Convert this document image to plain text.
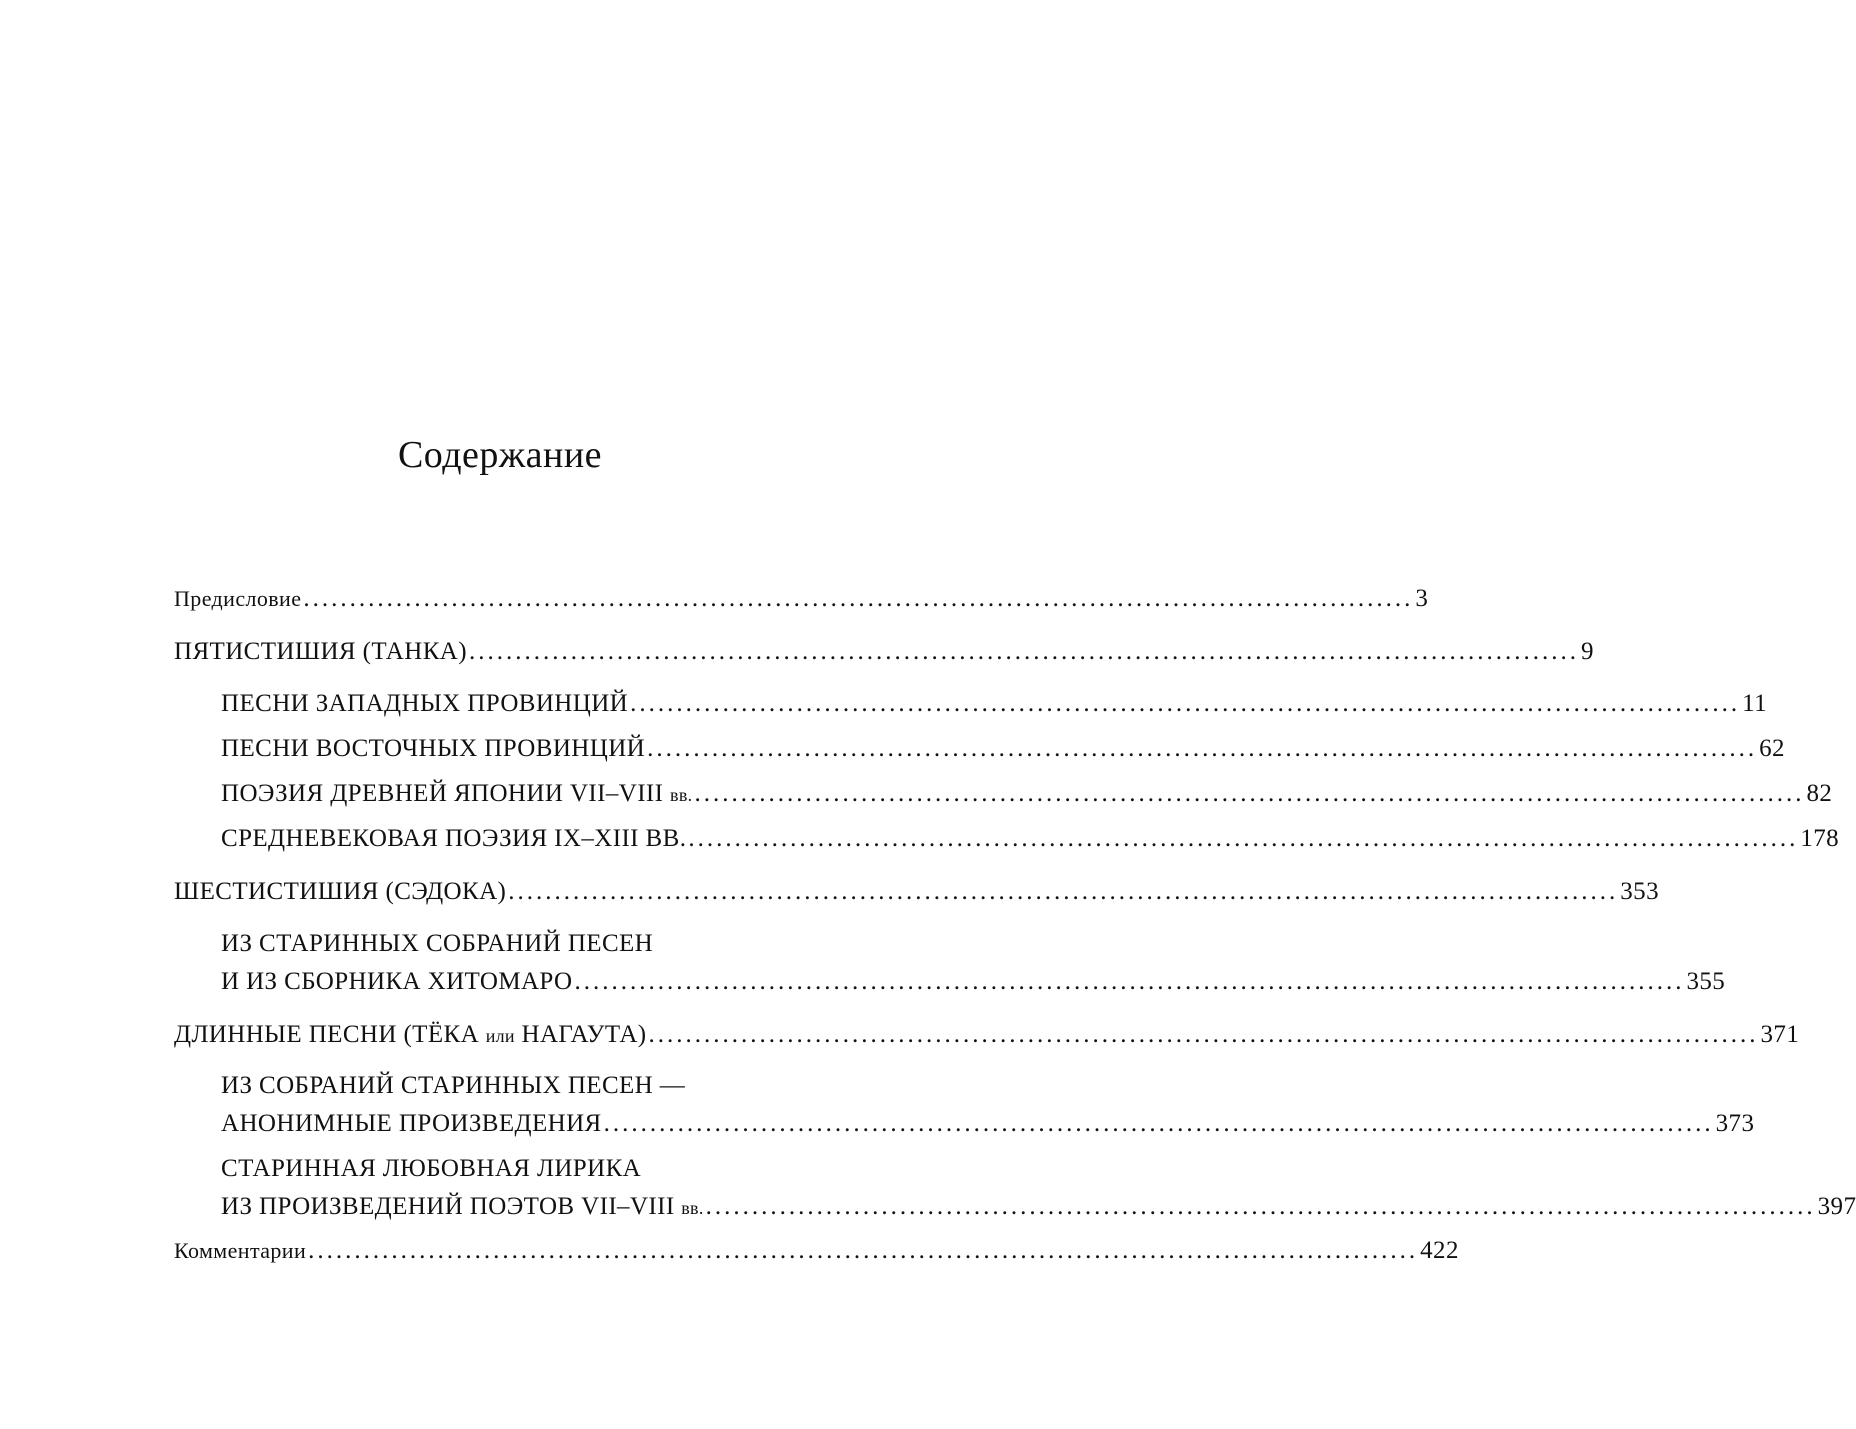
Содержание
Предисловие ........................................................................................................................ 3
ПЯТИСТИШИЯ (ТАНКА) ........................................................................................................................ 9
ПЕСНИ ЗАПАДНЫХ ПРОВИНЦИЙ ........................................................................................................................ 11
ПЕСНИ ВОСТОЧНЫХ ПРОВИНЦИЙ ........................................................................................................................ 62
ПОЭЗИЯ ДРЕВНЕЙ ЯПОНИИ VII–VIII вв. ........................................................................................................................ 82
СРЕДНЕВЕКОВАЯ ПОЭЗИЯ IX–XIII ВВ. ........................................................................................................................ 178
ШЕСТИСТИШИЯ (СЭДОКА) ........................................................................................................................ 353
ИЗ СТАРИННЫХ СОБРАНИЙ ПЕСЕН
И ИЗ СБОРНИКА ХИТОМАРО ........................................................................................................................ 355
ДЛИННЫЕ ПЕСНИ (ТЁКА или НАГАУТА) ........................................................................................................................ 371
ИЗ СОБРАНИЙ СТАРИННЫХ ПЕСЕН —
АНОНИМНЫЕ ПРОИЗВЕДЕНИЯ ........................................................................................................................ 373
СТАРИННАЯ ЛЮБОВНАЯ ЛИРИКА
ИЗ ПРОИЗВЕДЕНИЙ ПОЭТОВ VII–VIII вв. ........................................................................................................................ 397
Комментарии ........................................................................................................................ 422
